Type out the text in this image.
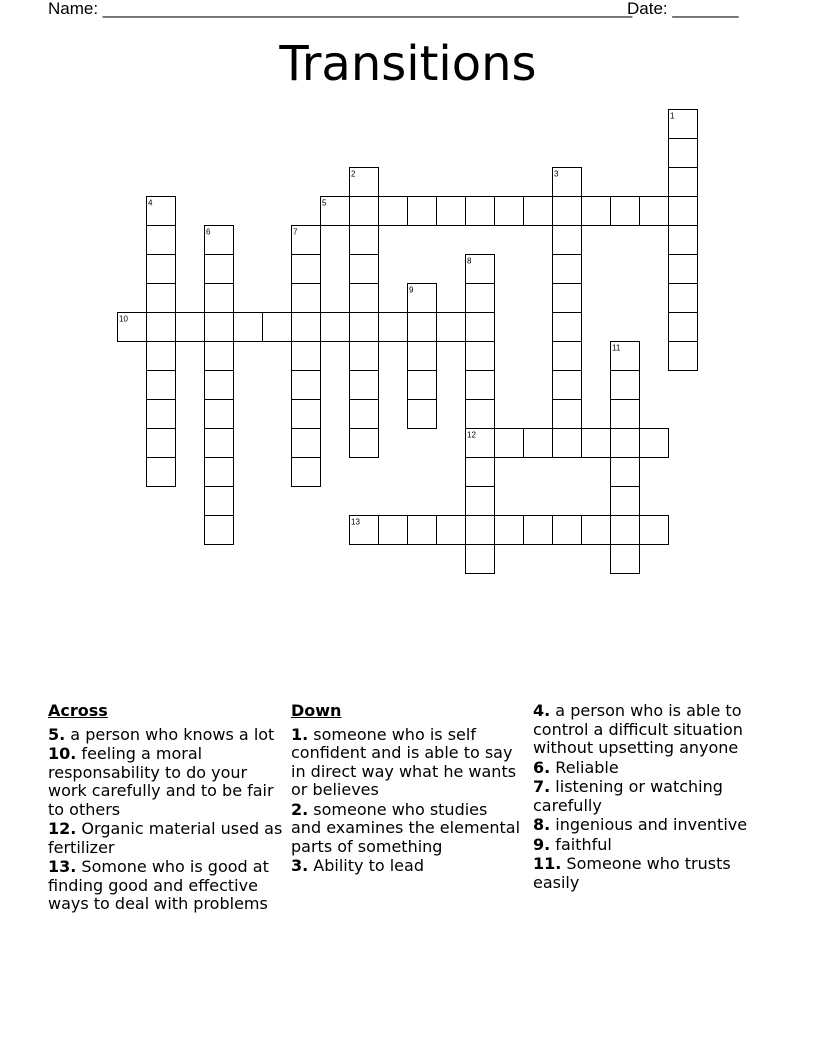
Name: ________________________________________________________
Date: _______
Transitions
1
2	3
4	5
6	7
8
9
10
11
12
13
Across
5. a person who knows a lot
10. feeling a moral responsability to do your work carefully and to be fair to others
12. Organic material used as fertilizer
13. Somone who is good at finding good and effective ways to deal with problems
Down
1. someone who is self confident and is able to say in direct way what he wants or believes
2. someone who studies and examines the elemental parts of something
3. Ability to lead
4. a person who is able to control a difficult situation without upsetting anyone
6. Reliable
7. listening or watching carefully
8. ingenious and inventive
9. faithful
11. Someone who trusts easily
